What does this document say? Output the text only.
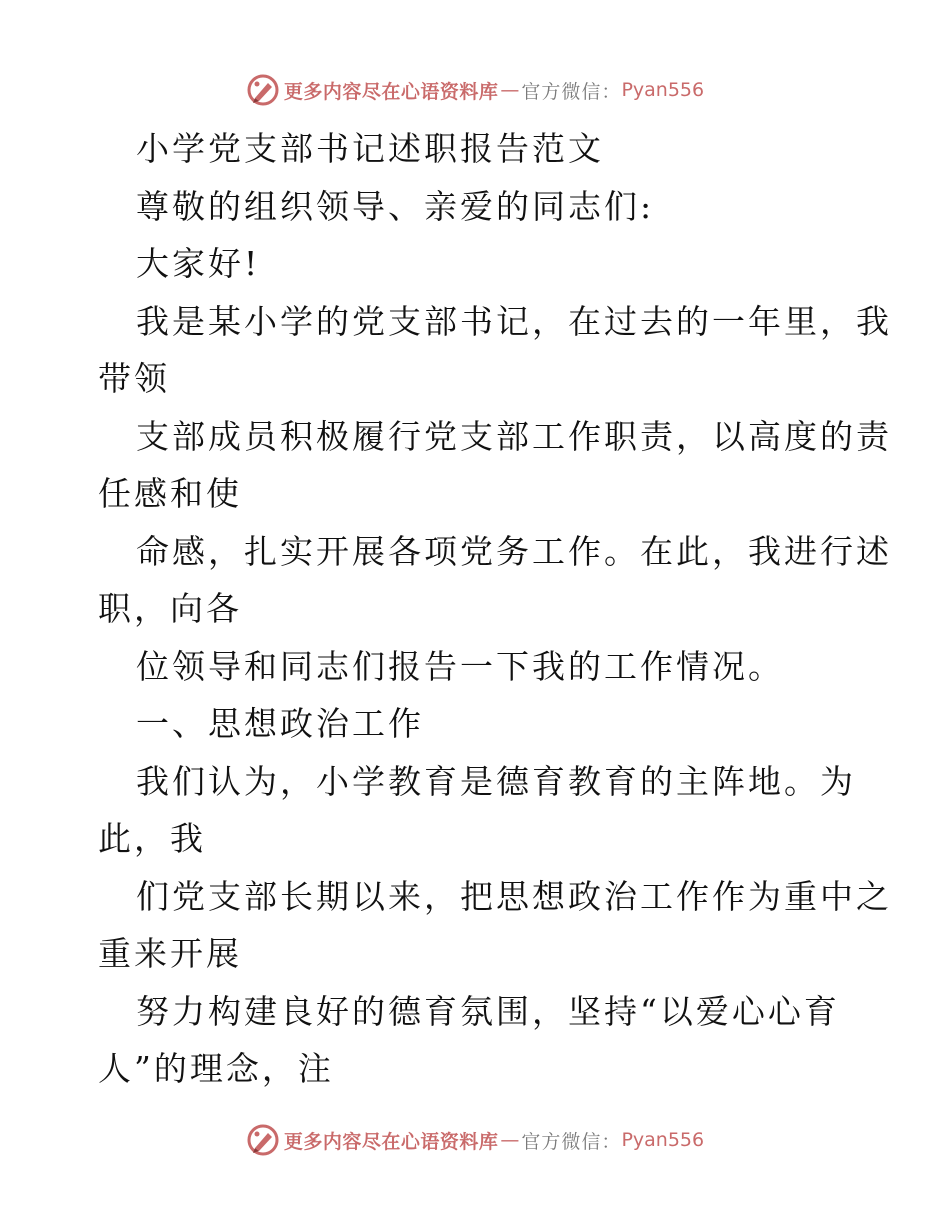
更多内容尽在心语资料库 — 官方微信： Pyan556
小学党支部书记述职报告范文
尊敬的组织领导、亲爱的同志们:
大家好!
我是某小学的党支部书记，在过去的一年里，我
带领
支部成员积极履行党支部工作职责，以高度的责
任感和使
命感，扎实开展各项党务工作。在此，我进行述
职，向各
位领导和同志们报告一下我的工作情况。
一、思想政治工作
我们认为，小学教育是德育教育的主阵地。为
此，我
们党支部长期以来，把思想政治工作作为重中之
重来开展
努力构建良好的德育氛围，坚持“以爱心心育
人”的理念，注
更多内容尽在心语资料库 — 官方微信： Pyan556
